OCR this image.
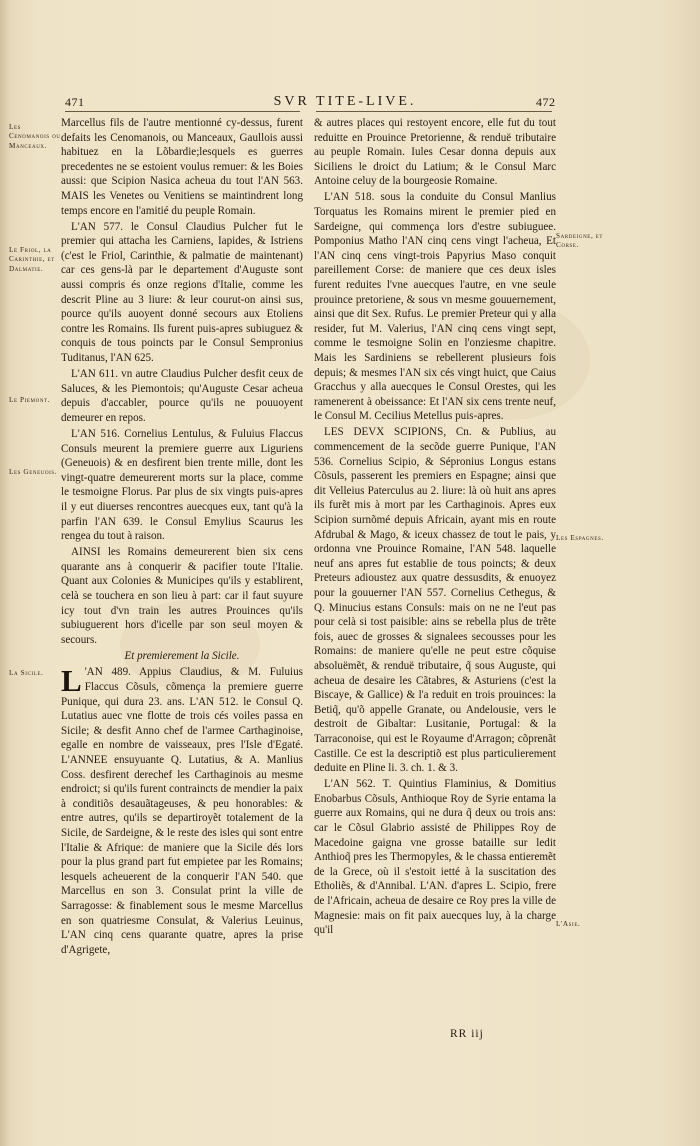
471	SVR TITE-LIVE.	472
Les Cenomanois ou Manceaux.
Le Friol, la Carinthie, et Dalmatie.
Le Piemont.
Les Geneuois.
La Sicile.
Sardeigne, et Corse.
Les Espagnes.
L'Asie.

Marcellus fils de l'autre mentionné cy-dessus, furent defaits les Cenomanois, ou Manceaux, Gaullois aussi habituez en la Lõbardie;lesquels es guerres precedentes ne se estoient voulus remuer: & les Boies aussi: que Scipion Nasica acheua du tout l'AN 563. MAIS les Venetes ou Venitiens se maintindrent long temps encore en l'amitié du peuple Romain.

L'AN 577. le Consul Claudius Pulcher fut le premier qui attacha les Carniens, Iapides, & Istriens (c'est le Friol, Carinthie, & palmatie de maintenant) car ces gens-là par le departement d'Auguste sont aussi compris és onze regions d'Italie, comme les descrit Pline au 3 liure: & leur courut-on ainsi sus, pource qu'ils auoyent donné secours aux Etoliens contre les Romains. Ils furent puis-apres subiuguez & conquis de tous poincts par le Consul Sempronius Tuditanus, l'AN 625.

L'AN 611. vn autre Claudius Pulcher desfit ceux de Saluces, & les Piemontois; qu'Auguste Cesar acheua depuis d'accabler, pource qu'ils ne pouuoyent demeurer en repos.

L'AN 516. Cornelius Lentulus, & Fuluius Flaccus Consuls meurent la premiere guerre aux Liguriens (Geneuois) & en desfirent bien trente mille, dont les vingt-quatre demeurerent morts sur la place, comme le tesmoigne Florus. Par plus de six vingts puis-apres il y eut diuerses rencontres auecques eux, tant qu'à la parfin l'AN 639. le Consul Emylius Scaurus les rengea du tout à raison.

AINSI les Romains demeurerent bien six cens quarante ans à conquerir & pacifier toute l'Italie. Quant aux Colonies & Municipes qu'ils y establirent, celà se touchera en son lieu à part: car il faut suyure icy tout d'vn train les autres Prouinces qu'ils subiuguerent hors d'icelle par son seul moyen & secours.

Et premierement la Sicile.

L 'AN 489. Appius Claudius, & M. Fuluius Flaccus Cõsuls, cõmença la premiere guerre Punique, qui dura 23. ans. L'AN 512. le Consul Q. Lutatius auec vne flotte de trois cés voiles passa en Sicile; & desfit Anno chef de l'armee Carthaginoise, egalle en nombre de vaisseaux, pres l'Isle d'Egaté. L'ANNEE ensuyuante Q. Lutatius, & A. Manlius Coss. desfirent derechef les Carthaginois au mesme endroict; si qu'ils furent contraincts de mendier la paix à conditiõs desauãtageuses, & peu honorables: & entre autres, qu'ils se departiroyẽt totalement de la Sicile, de Sardeigne, & le reste des isles qui sont entre l'Italie & Afrique: de maniere que la Sicile dés lors pour la plus grand part fut empietee par les Romains; lesquels acheuerent de la conquerir l'AN 540. que Marcellus en son 3. Consulat print la ville de Sarragosse: & finablement sous le mesme Marcellus en son quatriesme Consulat, & Valerius Leuinus, L'AN cinq cens quarante quatre, apres la prise d'Agrigete,

& autres places qui restoyent encore, elle fut du tout reduitte en Prouince Pretorienne, & renduë tributaire au peuple Romain. Iules Cesar donna depuis aux Siciliens le droict du Latium; & le Consul Marc Antoine celuy de la bourgeosie Romaine.

L'AN 518. sous la conduite du Consul Manlius Torquatus les Romains mirent le premier pied en Sardeigne, qui commença lors d'estre subiuguee. Pomponius Matho l'AN cinq cens vingt l'acheua, Et l'AN cinq cens vingt-trois Papyrius Maso conquit pareillement Corse: de maniere que ces deux isles furent reduites l'vne auecques l'autre, en vne seule prouince pretoriene, & sous vn mesme gouuernement, ainsi que dit Sex. Rufus. Le premier Preteur qui y alla resider, fut M. Valerius, l'AN cinq cens vingt sept, comme le tesmoigne Solin en l'onziesme chapitre. Mais les Sardiniens se rebellerent plusieurs fois depuis; & mesmes l'AN six cés vingt huict, que Caius Gracchus y alla auecques le Consul Orestes, qui les ramenerent à obeissance: Et l'AN six cens trente neuf, le Consul M. Cecilius Metellus puis-apres.

LES DEVX SCIPIONS, Cn. & Publius, au commencement de la secõde guerre Punique, l'AN 536. Cornelius Scipio, & Sépronius Longus estans Cõsuls, passerent les premiers en Espagne; ainsi que dit Velleius Paterculus au 2. liure: là où huit ans apres ils furẽt mis à mort par les Carthaginois. Apres eux Scipion surnõmé depuis Africain, ayant mis en route Afdrubal & Mago, & iceux chassez de tout le pais, y ordonna vne Prouince Romaine, l'AN 548. laquelle neuf ans apres fut establie de tous poincts; & deux Preteurs adioustez aux quatre dessusdits, & enuoyez pour la gouuerner l'AN 557. Cornelius Cethegus, & Q. Minucius estans Consuls: mais on ne ne l'eut pas pour celà si tost paisible: ains se rebella plus de trẽte fois, auec de grosses & signalees secousses pour les Romains: de maniere qu'elle ne peut estre cõquise absoluëmẽt, & renduë tributaire, q̃ sous Auguste, qui acheua de desaire les Cãtabres, & Asturiens (c'est la Biscaye, & Gallice) & l'a reduit en trois prouinces: la Betiq̃, qu'õ appelle Granate, ou Andelousie, vers le destroit de Gibaltar: Lusitanie, Portugal: & la Tarraconoise, qui est le Royaume d'Arragon; cõprenãt Castille. Ce est la descriptiõ est plus particulierement deduite en Pline li. 3. ch. 1. & 3.

L'AN 562. T. Quintius Flaminius, & Domitius Enobarbus Cõsuls, Anthioque Roy de Syrie entama la guerre aux Romains, qui ne dura q̃ deux ou trois ans: car le Cõsul Glabrio assisté de Philippes Roy de Macedoine gaigna vne grosse bataille sur ledit Anthioq̃ pres les Thermopyles, & le chassa entieremẽt de la Grece, où il s'estoit ietté à la suscitation des Etholiẽs, & d'Annibal. L'AN. d'apres L. Scipio, frere de l'Africain, acheua de desaire ce Roy pres la ville de Magnesie: mais on fit paix auecques luy, à la charge qu'il

RR iij
